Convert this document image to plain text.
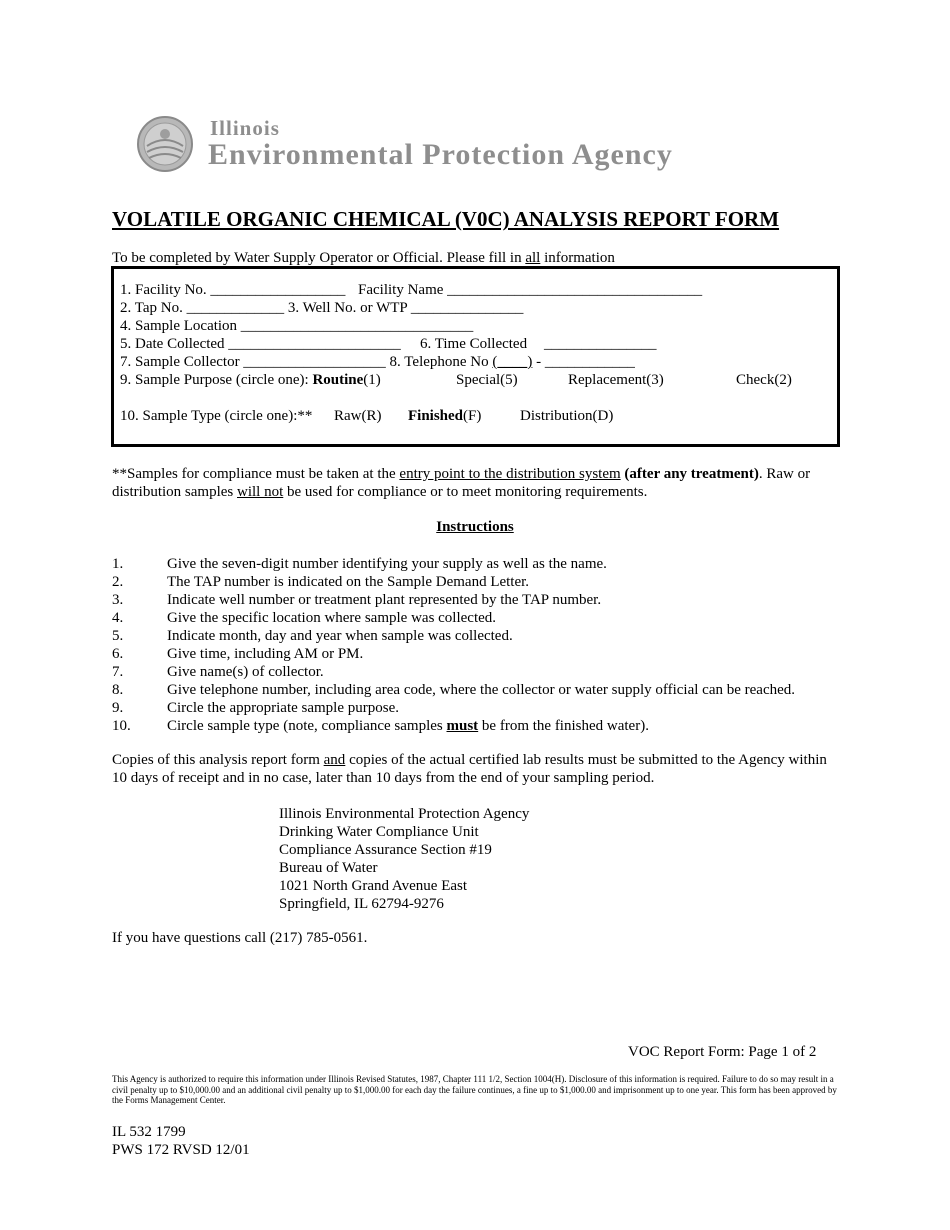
Illinois
Environmental Protection Agency
VOLATILE ORGANIC CHEMICAL (V0C) ANALYSIS REPORT FORM
To be completed by Water Supply Operator or Official. Please fill in all information
1. Facility No. __________________ Facility Name __________________________________
2. Tap No. _____________ 3. Well No. or WTP _______________
4. Sample Location _______________________________
5. Date Collected _______________________ 6. Time Collected _______________
7. Sample Collector ___________________ 8. Telephone No (____) - ____________
9. Sample Purpose (circle one): Routine(1)	Special(5)	Replacement(3)	Check(2)
10. Sample Type (circle one):** Raw(R) Finished(F)	Distribution(D)
**Samples for compliance must be taken at the entry point to the distribution system (after any treatment). Raw or distribution samples will not be used for compliance or to meet monitoring requirements.
Instructions
1.	Give the seven-digit number identifying your supply as well as the name.
2.	The TAP number is indicated on the Sample Demand Letter.
3.	Indicate well number or treatment plant represented by the TAP number.
4.	Give the specific location where sample was collected.
5.	Indicate month, day and year when sample was collected.
6.	Give time, including AM or PM.
7.	Give name(s) of collector.
8.	Give telephone number, including area code, where the collector or water supply official can be reached.
9.	Circle the appropriate sample purpose.
10. Circle sample type (note, compliance samples must be from the finished water).
Copies of this analysis report form and copies of the actual certified lab results must be submitted to the Agency within 10 days of receipt and in no case, later than 10 days from the end of your sampling period.
Illinois Environmental Protection Agency
Drinking Water Compliance Unit
Compliance Assurance Section #19
Bureau of Water
1021 North Grand Avenue East
Springfield, IL 62794-9276
If you have questions call (217) 785-0561.
VOC Report Form: Page 1 of 2
This Agency is authorized to require this information under Illinois Revised Statutes, 1987, Chapter 111 1/2, Section 1004(H). Disclosure of this information is required. Failure to do so may result in a civil penalty up to $10,000.00 and an additional civil penalty up to $1,000.00 for each day the failure continues, a fine up to $1,000.00 and imprisonment up to one year. This form has been approved by the Forms Management Center.
IL 532 1799
PWS 172 RVSD 12/01
